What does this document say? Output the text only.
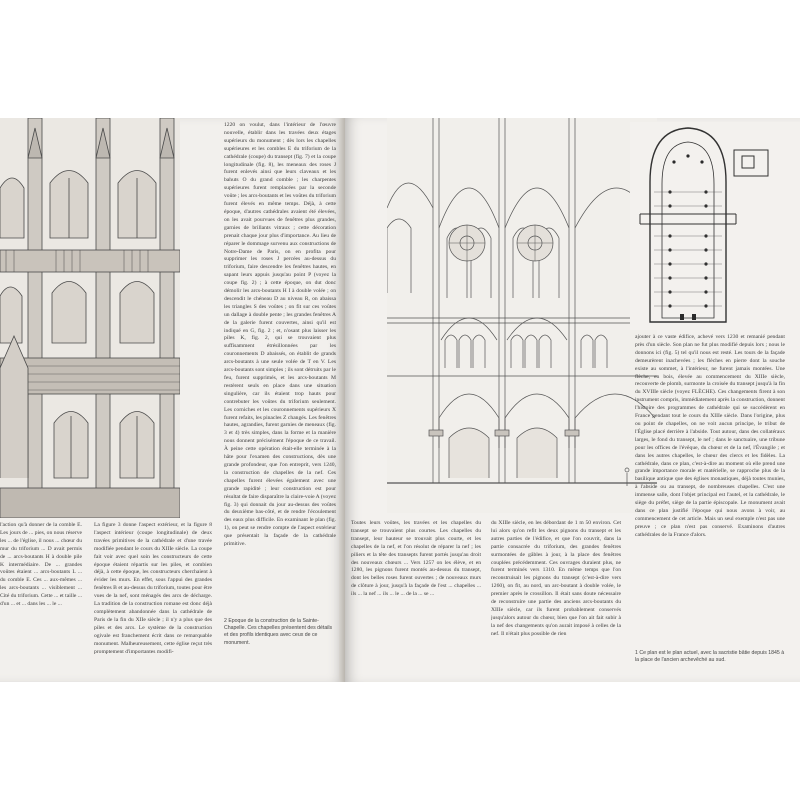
l'action qu'à donner de la comble E. Les jours de ... pies, on nous réserve les ... de l'église, il nous ... chœur du mur du triforium ... D avait permis de ... arcs-boutants H à double pile K intermédiaire. De ... grandes voûtes étaient ... arcs-boutants L ... du comble E. Ces ... aux-mêmes ... les arcs-boutants ... visiblement ... Cité du triforium. Cette ... et taille ... d'un ... et ... dans les ... le ...

La figure 3 donne l'aspect extérieur, et la figure 8 l'aspect intérieur (coupe longitudinale) de deux travées primitives de la cathédrale et d'une travée modifiée pendant le cours du XIIIe siècle. La coupe fait voir avec quel soin les constructeurs de cette époque étaient répartis sur les piles, et combien déjà, à cette époque, les constructeurs cherchaient à évider les murs. En effet, sous l'appui des grandes fenêtres B et au-dessus du triforium, toutes pour être vues de la nef, sont ménagés des arcs de décharge. La tradition de la construction romane est donc déjà complètement abandonnée dans la cathédrale de Paris de la fin du XIIe siècle ; il n'y a plus que des piles et des arcs. Le système de la construction ogivale est franchement écrit dans ce remarquable monument. Malheureusement, cette église reçut très promptement d'importantes modifi-

1220 on voulut, dans l'intérieur de l'œuvre nouvelle, établir dans les travées deux étages supérieurs du monument ; dès lors les chapelles supérieures et les combles E du triforium de la cathédrale (coupe) du transept (fig. 7) et la coupe longitudinale (fig. 8), les meneaux des roses J furent enlevés ainsi que leurs claveaux et les bahuts O du grand comble ; les charpentes supérieures furent remplacées par la seconde voûte ; les arcs-boutants et les voûtes du triforium furent élevés en même temps. Déjà, à cette époque, d'autres cathédrales avaient été élevées, on les avait pourvues de fenêtres plus grandes, garnies de brillants vitraux ; cette décoration prenait chaque jour plus d'importance. Au lieu de réparer le dommage survenu aux constructions de Notre-Dame de Paris, on en profita pour supprimer les roses J percées au-dessus du triforium, faire descendre les fenêtres hautes, en sapant leurs appuis jusqu'au point P (voyez la coupe fig. 2) ; à cette époque, on dut donc démolir les arcs-boutants H I à double volée ; on descendit le chéneau D au niveau R, on abaissa les triangles S des voûtes ; on fit sur ces voûtes un dallage à double pente ; les grandes fenêtres A de la galerie furent couvertes, ainsi qu'il est indiqué en G, fig. 2 ; et, n'osant plus laisser les piles K, fig. 2, qui se trouvaient plus suffisamment étrésillonnées par les couronnements D abaissés, on établit de grands arcs-boutants à une seule volée de T en V. Les arcs-boutants sont simples ; ils sont détruits par le feu, furent supprimés, et les arcs-boutants M restèrent seuls en place dans une situation singulière, car ils étaient trop hauts pour contrebuter les voûtes du triforium seulement. Les corniches et les couronnements supérieurs X furent refaits, les pinacles Z changés. Les fenêtres hautes, agrandies, furent garnies de meneaux (fig. 3 et 4) très simples, dans la forme et la manière nous donnent précisément l'époque de ce travail. À peine cette opération était-elle terminée à la hâte pour l'examen des constructions, dès une grande profondeur, que l'on entreprit, vers 1240, la construction de chapelles de la nef. Ces chapelles furent élevées également avec une grande rapidité ; leur construction est pour résultat de faire disparaître la claire-voie A (voyez fig. 3) qui donnait du jour au-dessus des voûtes du deuxième bas-côté, et de rendre l'écoulement des eaux plus difficile. En examinant le plan (fig. 1), on peut se rendre compte de l'aspect extérieur que présentait la façade de la cathédrale primitive.

2 Époque de la construction de la Sainte-Chapelle. Ces chapelles présentent des détails et des profils identiques avec ceux de ce monument.

Toutes leurs voûtes, les travées et les chapelles du transept se trouvaient plus courtes. Les chapelles du transept, leur hauteur se trouvait plus courte, et les chapelles de la nef, et l'on résolut de réparer la nef ; les piliers et la tête des transepts furent portés jusqu'au droit des nouveaux chœurs ... Vers 1257 on les élève, et en 1280, les pignons furent montés au-dessus du transept, dont les belles roses furent ouvertes ; de nouveaux murs de clôture à jour, jusqu'à la façade de l'est ... chapelles ... ils ... la nef ... ils ... le ... de la ... se ...

du XIIIe siècle, en les débordant de 1 m 50 environ. Cet lui alors qu'on refit les deux pignons du transept et les autres parties de l'édifice, et que l'on couvrit, dans la partie consacrée du triforium, des grandes fenêtres surmontées de gâbles à jour, à la place des fenêtres couplées précédemment. Ces ouvrages duraient plus, ne furent terminés vers 1310. En même temps que l'on reconstruisait les pignons du transept (c'est-à-dire vers 1260), on fit, au nord, un arc-boutant à double volée, le premier après le crossillon. Il était sans doute nécessaire de reconstruire une partie des anciens arcs-boutants du XIIIe siècle, car ils furent probablement conservés jusqu'alors autour du chœur, bien que l'on ait fait subir à la nef des changements qu'on aurait imposé à celles de la nef. Il n'était plus possible de rien

ajouter à ce vaste édifice, achevé vers 1230 et remanié pendant près d'un siècle. Son plan ne fut plus modifié depuis lors ; nous le donnons ici (fig. 5) tel qu'il nous est resté. Les tours de la façade demeurèrent inachevées ; les flèches en pierre dont la souche existe au sommet, à l'intérieur, ne furent jamais montées. Une flèche, en bois, élevée au commencement du XIIIe siècle, recouverte de plomb, surmonte la croisée du transept jusqu'à la fin du XVIIIe siècle (voyez FLÈCHE). Ces changements firent à son instrument compris, immédiatement après la construction, donnent l'histoire des programmes de cathédrale qui se succédèrent en France pendant tout le cours du XIIIe siècle. Dans l'origine, plus ou point de chapelles, on ne voit aucun principe, le tribut de l'Église placé derrière à l'abside. Tout autour, dans des collatéraux larges, le fond du transept, le nef ; dans le sanctuaire, une tribune pour les offices de l'évêque, du chœur et de la nef, l'Évangile ; et dans les autres chapelles, le chœur des clercs et les fidèles. La cathédrale, dans ce plan, c'est-à-dire au moment où elle prend une grande importance morale et matérielle, se rapproche plus de la basilique antique que des églises monastiques, déjà toutes munies, à l'abside ou au transept, de nombreuses chapelles. C'est une immense salle, dont l'objet principal est l'autel, et la cathédrale, le siège du préfet, siège de la partie épiscopale. Le monument avait dans ce plan justifié l'époque qui nous avons à voir, au commencement de cet article. Mais un seul exemple n'est pas une preuve ; ce plan n'est pas conservé. Examinons d'autres cathédrales de la France d'alors.

1 Ce plan est le plan actuel, avec la sacristie bâtie depuis 1845 à la place de l'ancien archevêché au sud.
